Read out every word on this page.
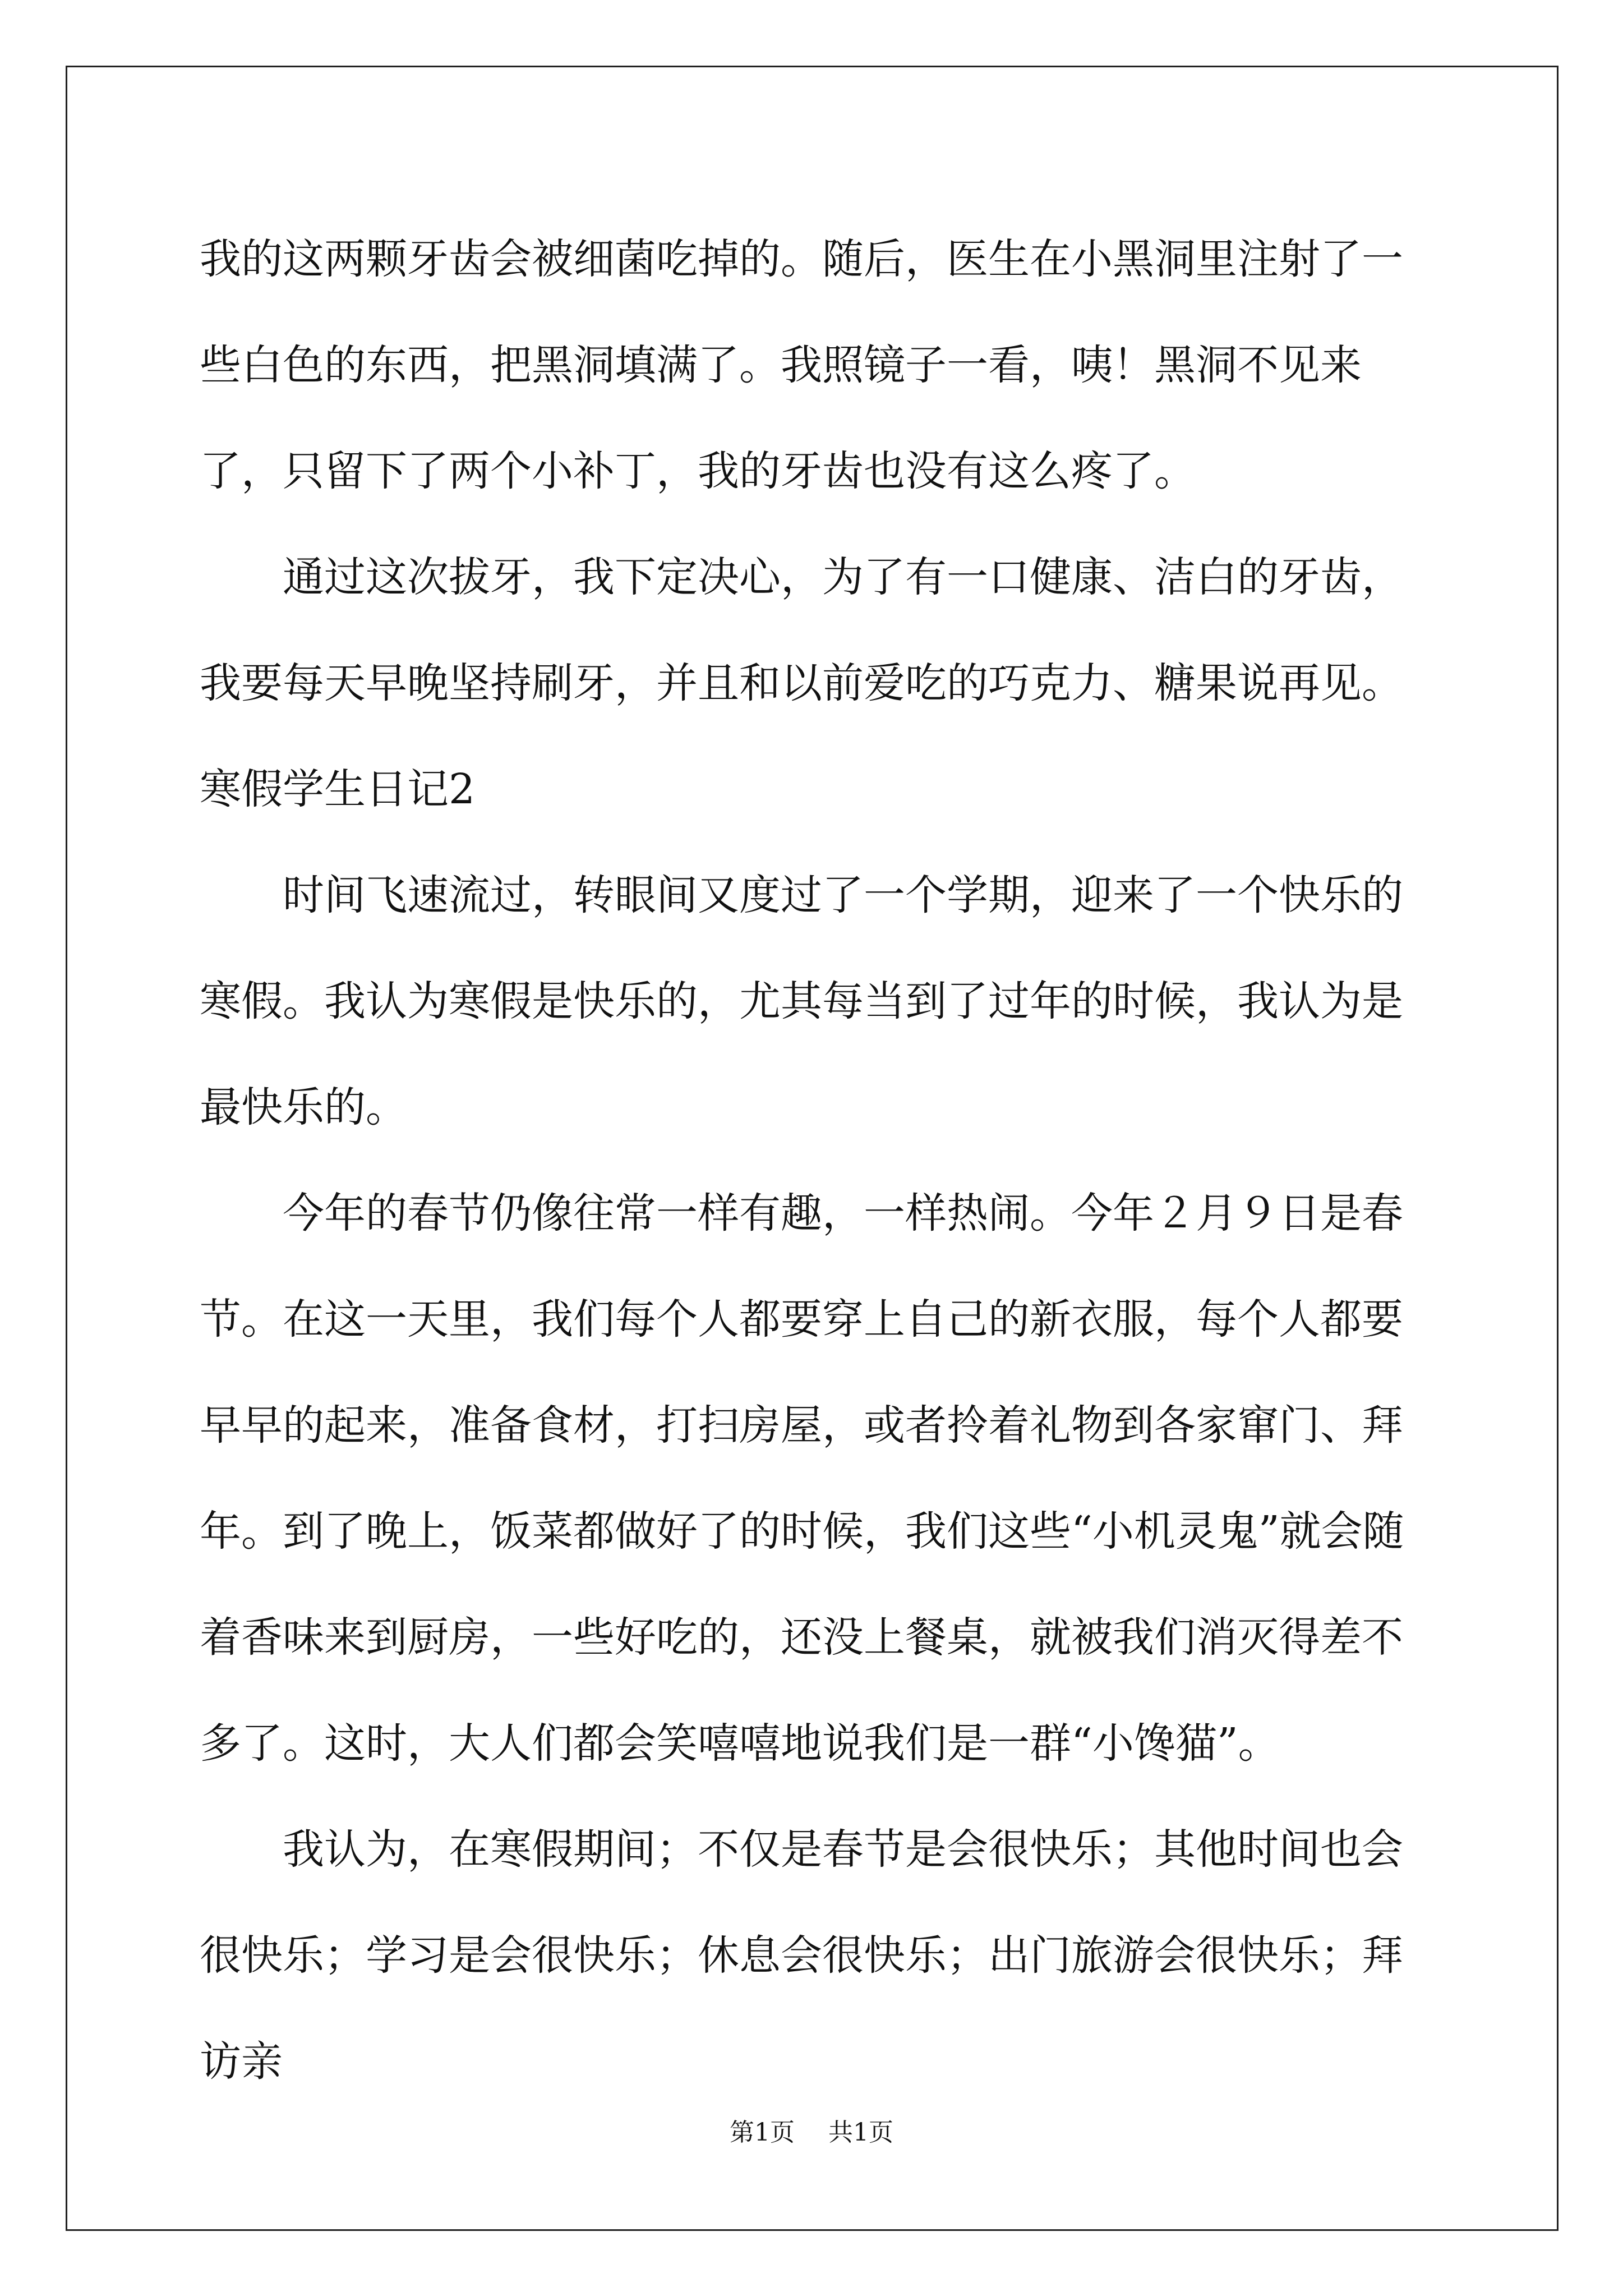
我的这两颗牙齿会被细菌吃掉的。随后，医生在小黑洞里注射了一些白色的东西，把黑洞填满了。我照镜子一看，咦！黑洞不见来了，只留下了两个小补丁，我的牙齿也没有这么疼了。

通过这次拔牙，我下定决心，为了有一口健康、洁白的牙齿，我要每天早晚坚持刷牙，并且和以前爱吃的巧克力、糖果说再见。

寒假学生日记2

时间飞速流过，转眼间又度过了一个学期，迎来了一个快乐的寒假。我认为寒假是快乐的，尤其每当到了过年的时候，我认为是最快乐的。

今年的春节仍像往常一样有趣，一样热闹。今年２月９日是春节。在这一天里，我们每个人都要穿上自己的新衣服，每个人都要早早的起来，准备食材，打扫房屋，或者拎着礼物到各家窜门、拜年。到了晚上，饭菜都做好了的时候，我们这些“小机灵鬼”就会随着香味来到厨房，一些好吃的，还没上餐桌，就被我们消灭得差不多了。这时，大人们都会笑嘻嘻地说我们是一群“小馋猫”。

我认为，在寒假期间；不仅是春节是会很快乐；其他时间也会很快乐；学习是会很快乐；休息会很快乐；出门旅游会很快乐；拜访亲

第1页 共1页
